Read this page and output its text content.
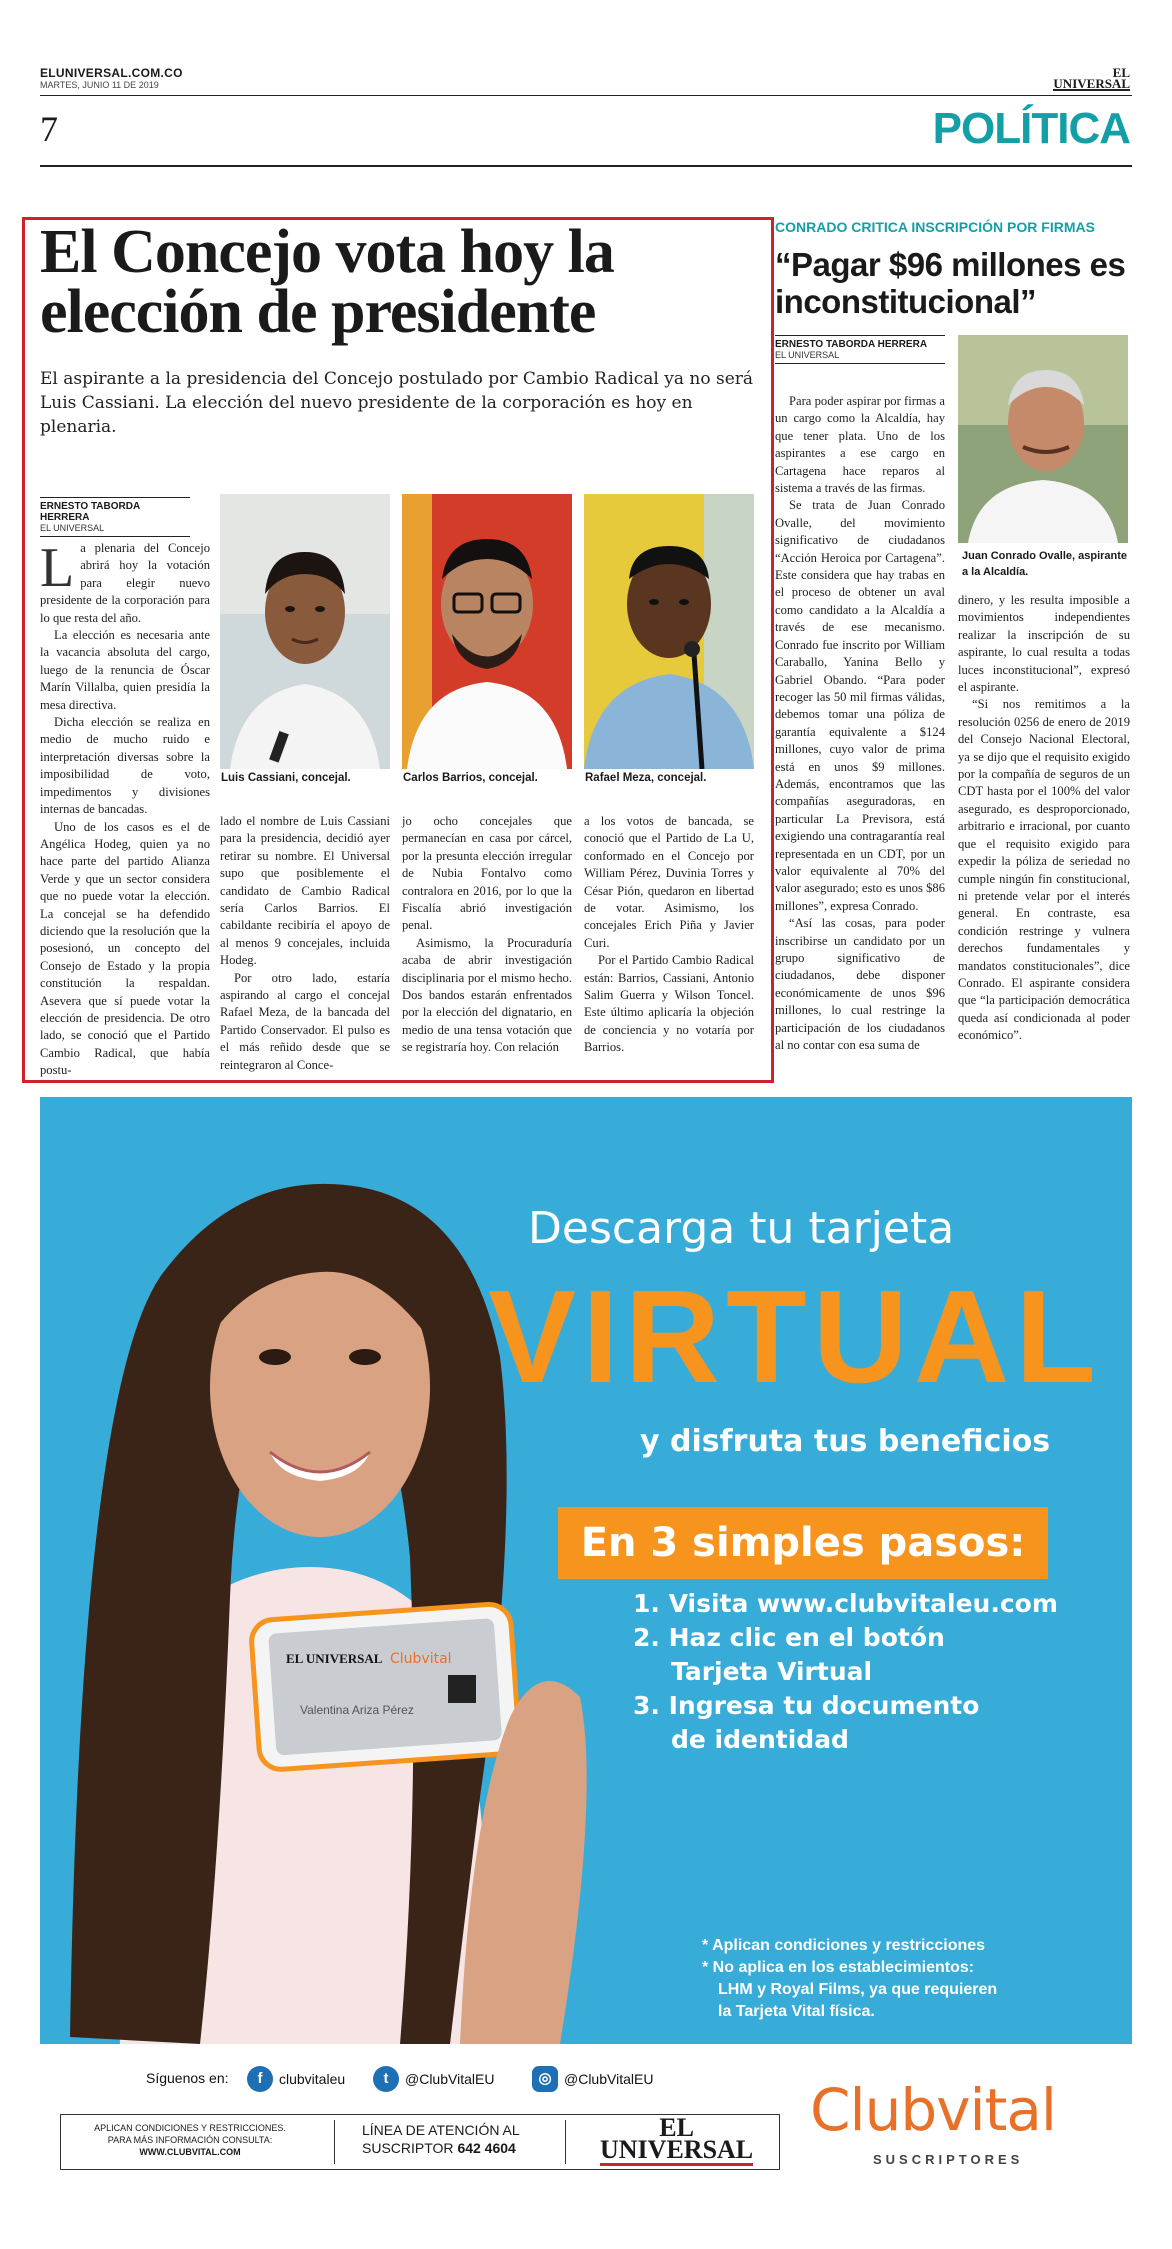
ELUNIVERSAL.COM.CO
MARTES, JUNIO 11 DE 2019
EL
UNIVERSAL
7	POLÍTICA
El Concejo vota hoy la elección de presidente

El aspirante a la presidencia del Concejo postulado por Cambio Radical ya no será Luis Cassiani. La elección del nuevo presidente de la corporación es hoy en plenaria.

ERNESTO TABORDA HERRERA
EL UNIVERSAL

La plenaria del Concejo abrirá hoy la votación para elegir nuevo presidente de la corporación para lo que resta del año.

La elección es necesaria ante la vacancia absoluta del cargo, luego de la renuncia de Óscar Marín Villalba, quien presidía la mesa directiva.

Dicha elección se realiza en medio de mucho ruido e interpretación diversas sobre la imposibilidad de voto, impedimentos y divisiones internas de bancadas.

Uno de los casos es el de Angélica Hodeg, quien ya no hace parte del partido Alianza Verde y que un sector considera que no puede votar la elección. La concejal se ha defendido diciendo que la resolución que la posesionó, un concepto del Consejo de Estado y la propia constitución la respaldan. Asevera que sí puede votar la elección de presidencia. De otro lado, se conoció que el Partido Cambio Radical, que había postu-

Luis Cassiani, concejal.	Carlos Barrios, concejal.	Rafael Meza, concejal.

lado el nombre de Luis Cassiani para la presidencia, decidió ayer retirar su nombre. El Universal supo que posiblemente el candidato de Cambio Radical sería Carlos Barrios. El cabildante recibiría el apoyo de al menos 9 concejales, incluida Hodeg.

Por otro lado, estaría aspirando al cargo el concejal Rafael Meza, de la bancada del Partido Conservador. El pulso es el más reñido desde que se reintegraron al Conce-

jo ocho concejales que permanecían en casa por cárcel, por la presunta elección irregular de Nubia Fontalvo como contralora en 2016, por lo que la Fiscalía abrió investigación penal.

Asimismo, la Procuraduría acaba de abrir investigación disciplinaria por el mismo hecho. Dos bandos estarán enfrentados por la elección del dignatario, en medio de una tensa votación que se registraría hoy. Con relación

a los votos de bancada, se conoció que el Partido de La U, conformado en el Concejo por William Pérez, Duvinia Torres y César Pión, quedaron en libertad de votar. Asimismo, los concejales Erich Piña y Javier Curi.

Por el Partido Cambio Radical están: Barrios, Cassiani, Antonio Salim Guerra y Wilson Toncel. Este último aplicaría la objeción de conciencia y no votaría por Barrios.

CONRADO CRITICA INSCRIPCIÓN POR FIRMAS
“Pagar $96 millones es inconstitucional”
ERNESTO TABORDA HERRERA
EL UNIVERSAL
Juan Conrado Ovalle, aspirante a la Alcaldía.

Para poder aspirar por firmas a un cargo como la Alcaldía, hay que tener plata. Uno de los aspirantes a ese cargo en Cartagena hace reparos al sistema a través de las firmas.

Se trata de Juan Conrado Ovalle, del movimiento significativo de ciudadanos “Acción Heroica por Cartagena”. Este considera que hay trabas en el proceso de obtener un aval como candidato a la Alcaldía a través de ese mecanismo. Conrado fue inscrito por William Caraballo, Yanina Bello y Gabriel Obando. “Para poder recoger las 50 mil firmas válidas, debemos tomar una póliza de garantía equivalente a $124 millones, cuyo valor de prima está en unos $9 millones. Además, encontramos que las compañías aseguradoras, en particular La Previsora, está exigiendo una contragarantía real representada en un CDT, por un valor equivalente al 70% del valor asegurado; esto es unos $86 millones”, expresa Conrado.

“Así las cosas, para poder inscribirse un candidato por un grupo significativo de ciudadanos, debe disponer económicamente de unos $96 millones, lo cual restringe la participación de los ciudadanos al no contar con esa suma de

dinero, y les resulta imposible a movimientos independientes realizar la inscripción de su aspirante, lo cual resulta a todas luces inconstitucional”, expresó el aspirante.

“Si nos remitimos a la resolución 0256 de enero de 2019 del Consejo Nacional Electoral, ya se dijo que el requisito exigido por la compañía de seguros de un CDT hasta por el 100% del valor asegurado, es desproporcionado, arbitrario e irracional, por cuanto que el requisito exigido para expedir la póliza de seriedad no cumple ningún fin constitucional, ni pretende velar por el interés general. En contraste, esa condición restringe y vulnera derechos fundamentales y mandatos constitucionales”, dice Conrado. El aspirante considera que “la participación democrática queda así condicionada al poder económico”.

EL UNIVERSAL Clubvital
Valentina Ariza Pérez
Descarga tu tarjeta
VIRTUAL
y disfruta tus beneficios
En 3 simples pasos:
1. Visita www.clubvitaleu.com
2. Haz clic en el botón Tarjeta Virtual
3. Ingresa tu documento de identidad

* Aplican condiciones y restricciones

* No aplica en los establecimientos:

LHM y Royal Films, ya que requieren

la Tarjeta Vital física.

Síguenos en:	f	clubvitaleu	t	@ClubVitalEU	◎ @ClubVitalEU
APLICAN CONDICIONES Y RESTRICCIONES.
PARA MÁS INFORMACIÓN CONSULTA:
WWW.CLUBVITAL.COM
LÍNEA DE ATENCIÓN AL
SUSCRIPTOR 642 4604
EL
UNIVERSAL
Clubvital
SUSCRIPTORES
